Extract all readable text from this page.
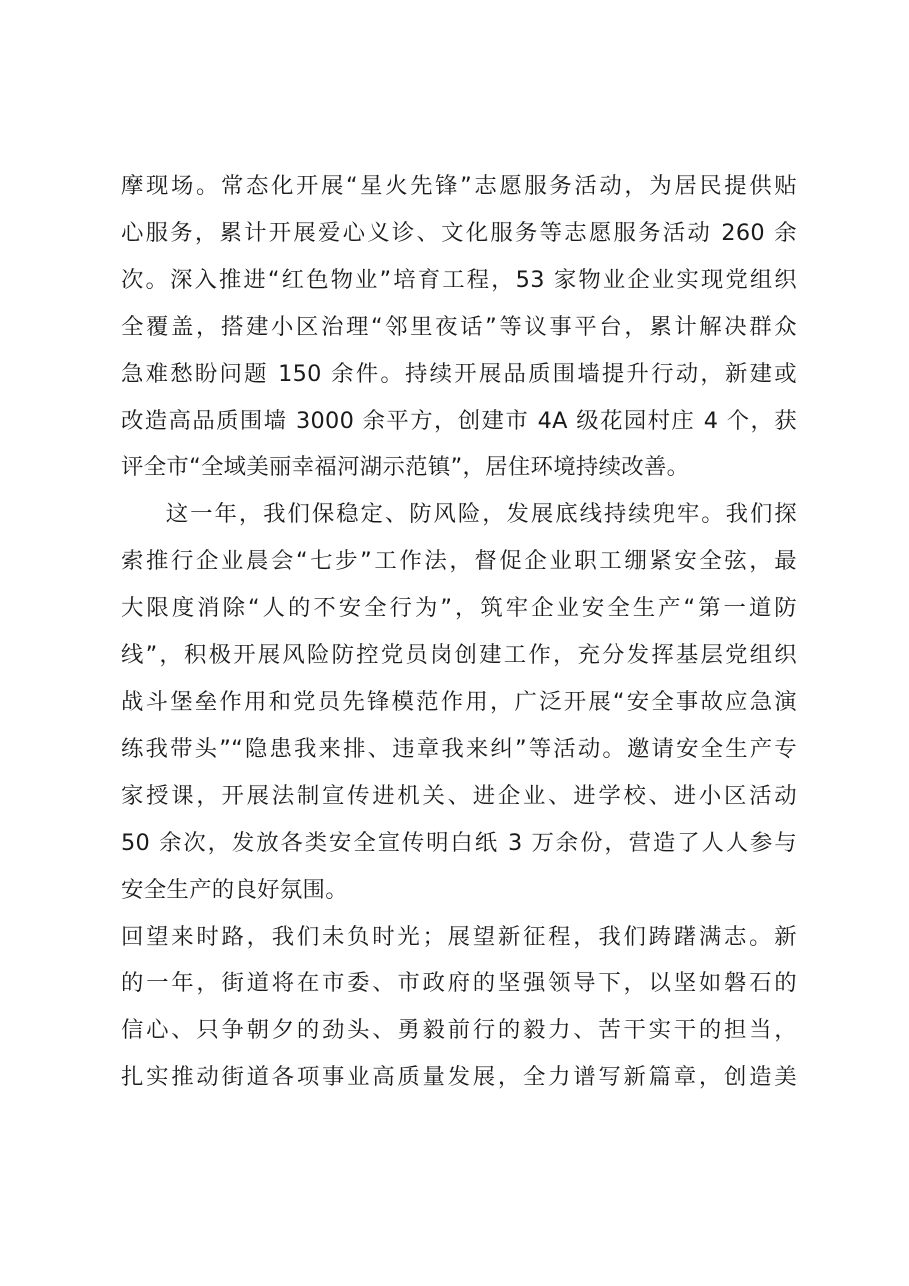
摩现场。常态化开展“星火先锋”志愿服务活动，为居民提供贴
心服务，累计开展爱心义诊、文化服务等志愿服务活动 260 余
次。深入推进“红色物业”培育工程，53 家物业企业实现党组织
全覆盖，搭建小区治理“邻里夜话”等议事平台，累计解决群众
急难愁盼问题 150 余件。持续开展品质围墙提升行动，新建或
改造高品质围墙 3000 余平方，创建市 4A 级花园村庄 4 个，获
评全市“全域美丽幸福河湖示范镇”，居住环境持续改善。
这一年，我们保稳定、防风险，发展底线持续兜牢。我们探
索推行企业晨会“七步”工作法，督促企业职工绷紧安全弦，最
大限度消除“人的不安全行为”，筑牢企业安全生产“第一道防
线”，积极开展风险防控党员岗创建工作，充分发挥基层党组织
战斗堡垒作用和党员先锋模范作用，广泛开展“安全事故应急演
练我带头”“隐患我来排、违章我来纠”等活动。邀请安全生产专
家授课，开展法制宣传进机关、进企业、进学校、进小区活动
50 余次，发放各类安全宣传明白纸 3 万余份，营造了人人参与
安全生产的良好氛围。
回望来时路，我们未负时光；展望新征程，我们踌躇满志。新
的一年，街道将在市委、市政府的坚强领导下，以坚如磐石的
信心、只争朝夕的劲头、勇毅前行的毅力、苦干实干的担当，
扎实推动街道各项事业高质量发展，全力谱写新篇章，创造美
